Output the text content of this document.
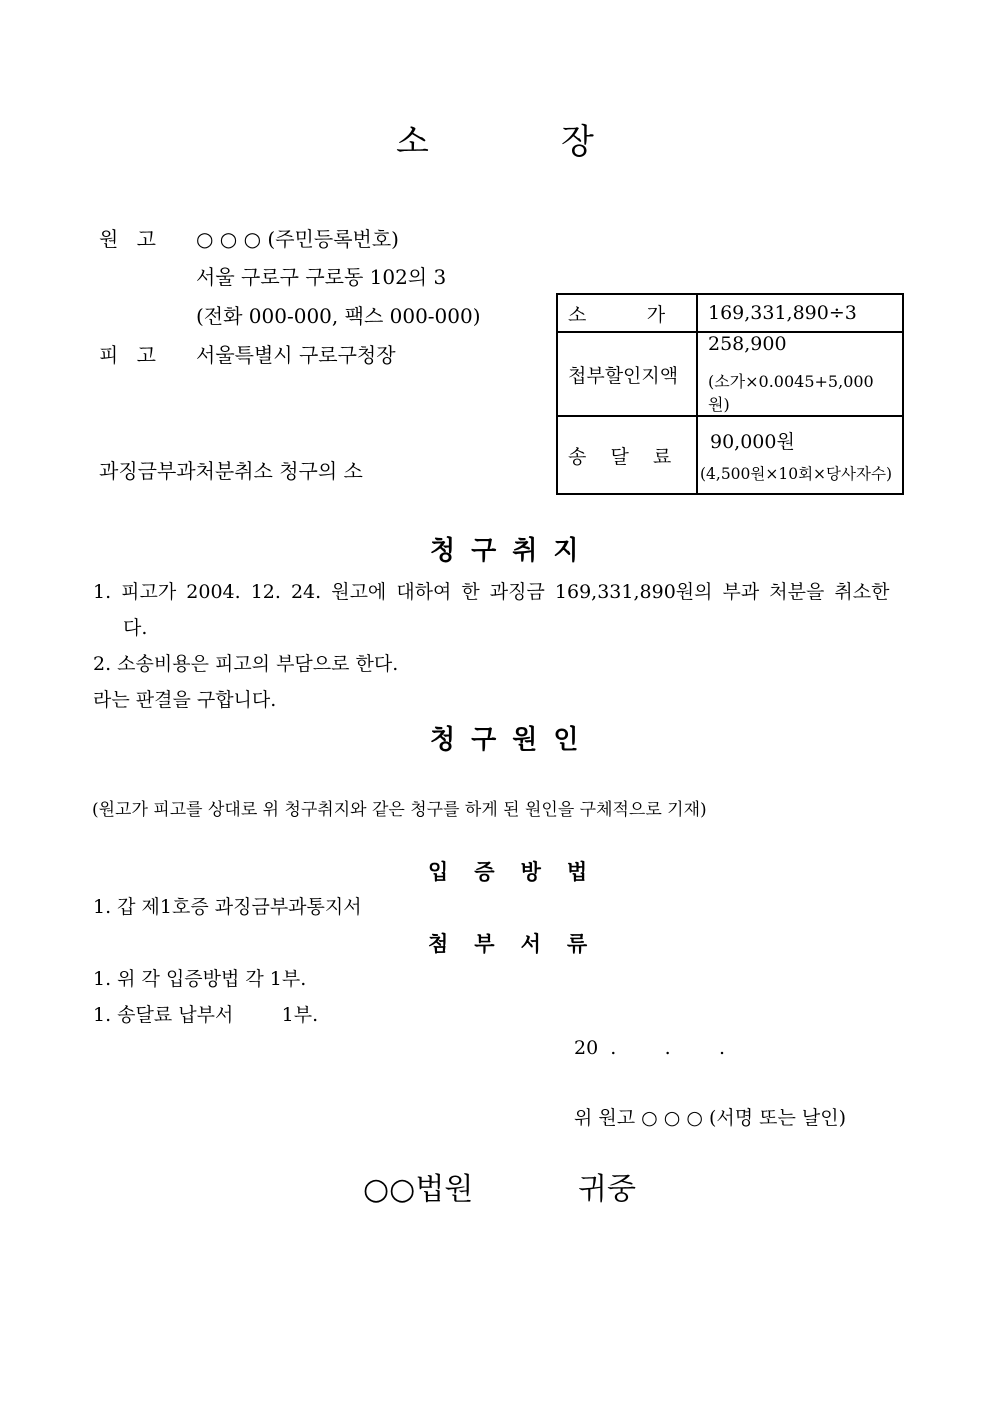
소	장
원 고 ○ ○ ○ (주민등록번호)
서울 구로구 구로동 102의 3
(전화 000-000, 팩스 000-000)
피 고 서울특별시 구로구청장
과징금부과처분취소 청구의 소
소          가	169,331,890÷3
첩부할인지액	258,900
(소가×0.0045+5,000원)

송    달    료	90,000원
(4,500원×10회×당사자수)
청구취지
1. 피고가 2004. 12. 24. 원고에 대하여 한 과징금 169,331,890원의 부과 처분을 취소한
다.
2. 소송비용은 피고의 부담으로 한다.
라는 판결을 구합니다.
청구원인
(원고가 피고를 상대로 위 청구취지와 같은 청구를 하게 된 원인을 구체적으로 기재)
입증방법
1. 갑 제1호증 과징금부과통지서
첨부서류
1. 위 각 입증방법 각 1부.
1. 송달료 납부서        1부.
20  .        .        .
위 원고 ○ ○ ○ (서명 또는 날인)
○○법원	귀중
